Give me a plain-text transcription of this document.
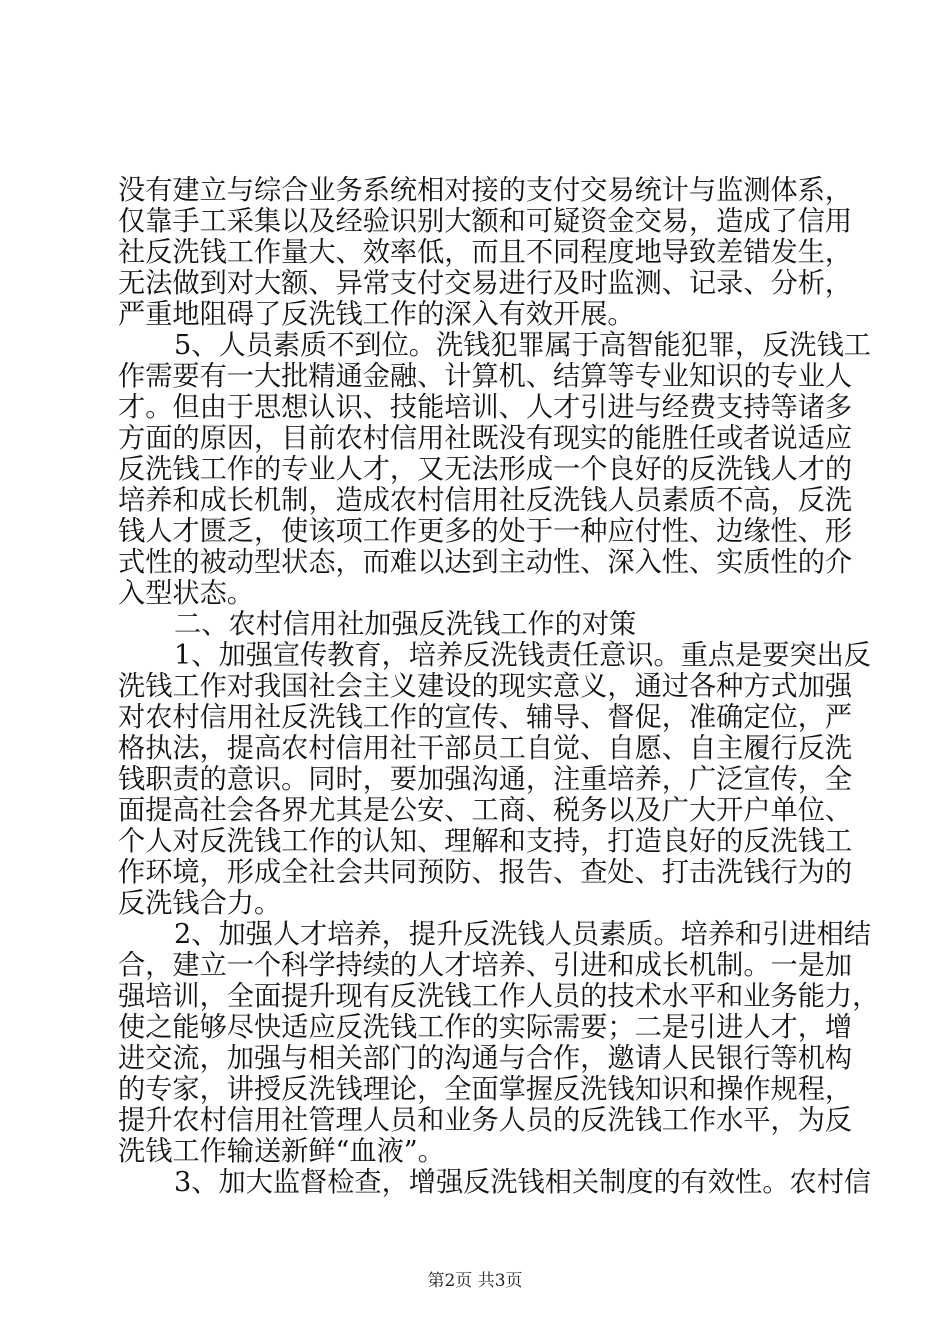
没有建立与综合业务系统相对接的支付交易统计与监测体系，
仅靠手工采集以及经验识别大额和可疑资金交易，造成了信用
社反洗钱工作量大、效率低，而且不同程度地导致差错发生，
无法做到对大额、异常支付交易进行及时监测、记录、分析，
严重地阻碍了反洗钱工作的深入有效开展。
5、人员素质不到位。洗钱犯罪属于高智能犯罪，反洗钱工
作需要有一大批精通金融、计算机、结算等专业知识的专业人
才。但由于思想认识、技能培训、人才引进与经费支持等诸多
方面的原因，目前农村信用社既没有现实的能胜任或者说适应
反洗钱工作的专业人才，又无法形成一个良好的反洗钱人才的
培养和成长机制，造成农村信用社反洗钱人员素质不高，反洗
钱人才匮乏，使该项工作更多的处于一种应付性、边缘性、形
式性的被动型状态，而难以达到主动性、深入性、实质性的介
入型状态。
二、农村信用社加强反洗钱工作的对策
1、加强宣传教育，培养反洗钱责任意识。重点是要突出反
洗钱工作对我国社会主义建设的现实意义，通过各种方式加强
对农村信用社反洗钱工作的宣传、辅导、督促，准确定位，严
格执法，提高农村信用社干部员工自觉、自愿、自主履行反洗
钱职责的意识。同时，要加强沟通，注重培养，广泛宣传，全
面提高社会各界尤其是公安、工商、税务以及广大开户单位、
个人对反洗钱工作的认知、理解和支持，打造良好的反洗钱工
作环境，形成全社会共同预防、报告、查处、打击洗钱行为的
反洗钱合力。
2、加强人才培养，提升反洗钱人员素质。培养和引进相结
合，建立一个科学持续的人才培养、引进和成长机制。一是加
强培训，全面提升现有反洗钱工作人员的技术水平和业务能力，
使之能够尽快适应反洗钱工作的实际需要；二是引进人才，增
进交流，加强与相关部门的沟通与合作，邀请人民银行等机构
的专家，讲授反洗钱理论，全面掌握反洗钱知识和操作规程，
提升农村信用社管理人员和业务人员的反洗钱工作水平，为反
洗钱工作输送新鲜“血液”。
3、加大监督检查，增强反洗钱相关制度的有效性。农村信
第2页 共3页
